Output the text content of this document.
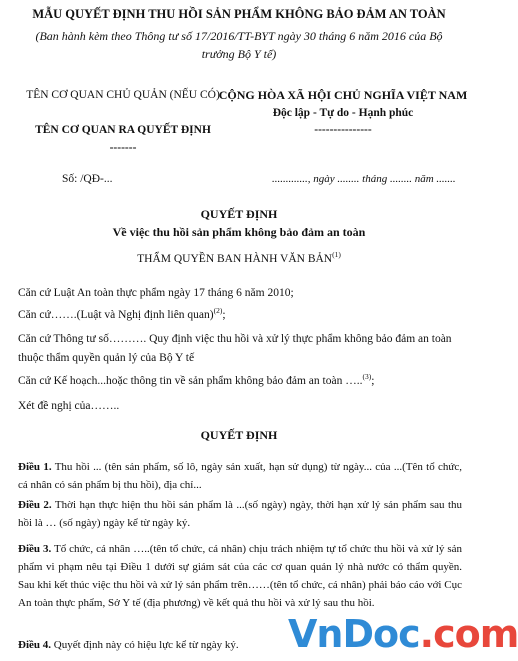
MẪU QUYẾT ĐỊNH THU HỒI SẢN PHẨM KHÔNG BẢO ĐẢM AN TOÀN
(Ban hành kèm theo Thông tư số 17/2016/TT-BYT ngày 30 tháng 6 năm 2016 của Bộ trưởng Bộ Y tế)
TÊN CƠ QUAN CHỦ QUẢN (NẾU CÓ)
TÊN CƠ QUAN RA QUYẾT ĐỊNH
-------
CỘNG HÒA XÃ HỘI CHỦ NGHĨA VIỆT NAM
Độc lập - Tự do - Hạnh phúc
---------------
Số: /QĐ-...	............., ngày ........ tháng ........ năm .......
QUYẾT ĐỊNH
Về việc thu hồi sản phẩm không bảo đảm an toàn
THẨM QUYỀN BAN HÀNH VĂN BẢN$^{(1)}$
Căn cứ Luật An toàn thực phẩm ngày 17 tháng 6 năm 2010;
Căn cứ…….(Luật và Nghị định liên quan)$^{(2)}$;
Căn cứ Thông tư số………. Quy định việc thu hồi và xử lý thực phẩm không bảo đảm an toàn thuộc thẩm quyền quản lý của Bộ Y tế
Căn cứ Kế hoạch...hoặc thông tin về sản phẩm không bảo đảm an toàn …..$^{(3)}$;
Xét đề nghị của……..
QUYẾT ĐỊNH
Điều 1. Thu hồi ... (tên sản phẩm, số lô, ngày sản xuất, hạn sử dụng) từ ngày... của ...(Tên tổ chức, cá nhân có sản phẩm bị thu hồi), địa chỉ...
Điều 2. Thời hạn thực hiện thu hồi sản phẩm là ...(số ngày) ngày, thời hạn xử lý sản phẩm sau thu hồi là … (số ngày) ngày kể từ ngày ký.
Điều 3. Tổ chức, cá nhân …..(tên tổ chức, cá nhân) chịu trách nhiệm tự tổ chức thu hồi và xử lý sản phẩm vi phạm nêu tại Điều 1 dưới sự giám sát của các cơ quan quản lý nhà nước có thẩm quyền. Sau khi kết thúc việc thu hồi và xử lý sản phẩm trên……(tên tổ chức, cá nhân) phải báo cáo với Cục An toàn thực phẩm, Sở Y tế (địa phương) về kết quả thu hồi và xử lý sau thu hồi.
Điều 4. Quyết định này có hiệu lực kể từ ngày ký.	VnDoc.com
